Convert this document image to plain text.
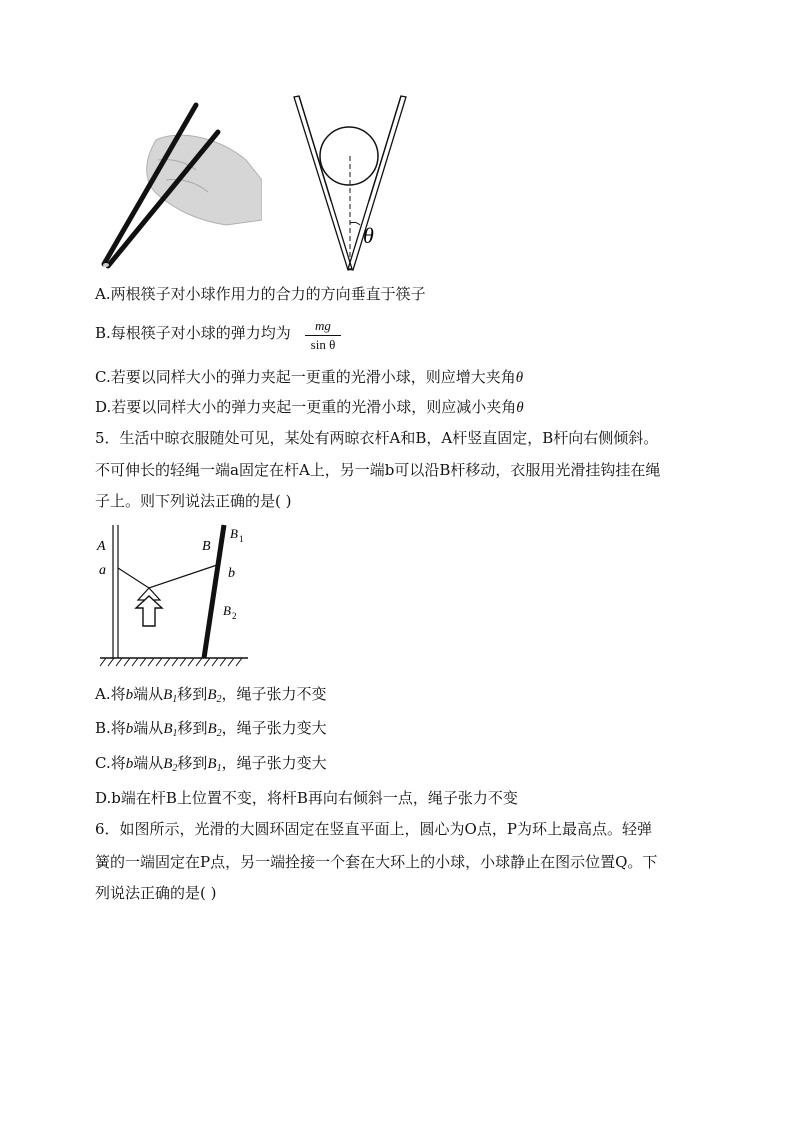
θ
A.两根筷子对小球作用力的合力的方向垂直于筷子
B.每根筷子对小球的弹力均为	mg
sin θ
C.若要以同样大小的弹力夹起一更重的光滑小球，则应增大夹角θ
D.若要以同样大小的弹力夹起一更重的光滑小球，则应减小夹角θ
5．生活中晾衣服随处可见，某处有两晾衣杆A和B，A杆竖直固定，B杆向右侧倾斜。
不可伸长的轻绳一端a固定在杆A上，另一端b可以沿B杆移动，衣服用光滑挂钩挂在绳
子上。则下列说法正确的是( )
A
a
B
B 1
b
B 2
A.将b端从$B_1$移到$B_2$，绳子张力不变
B.将b端从$B_1$移到$B_2$，绳子张力变大
C.将b端从$B_2$移到$B_1$，绳子张力变大
D.b端在杆B上位置不变，将杆B再向右倾斜一点，绳子张力不变
6．如图所示，光滑的大圆环固定在竖直平面上，圆心为O点，P为环上最高点。轻弹
簧的一端固定在P点，另一端拴接一个套在大环上的小球，小球静止在图示位置Q。下
列说法正确的是( )
